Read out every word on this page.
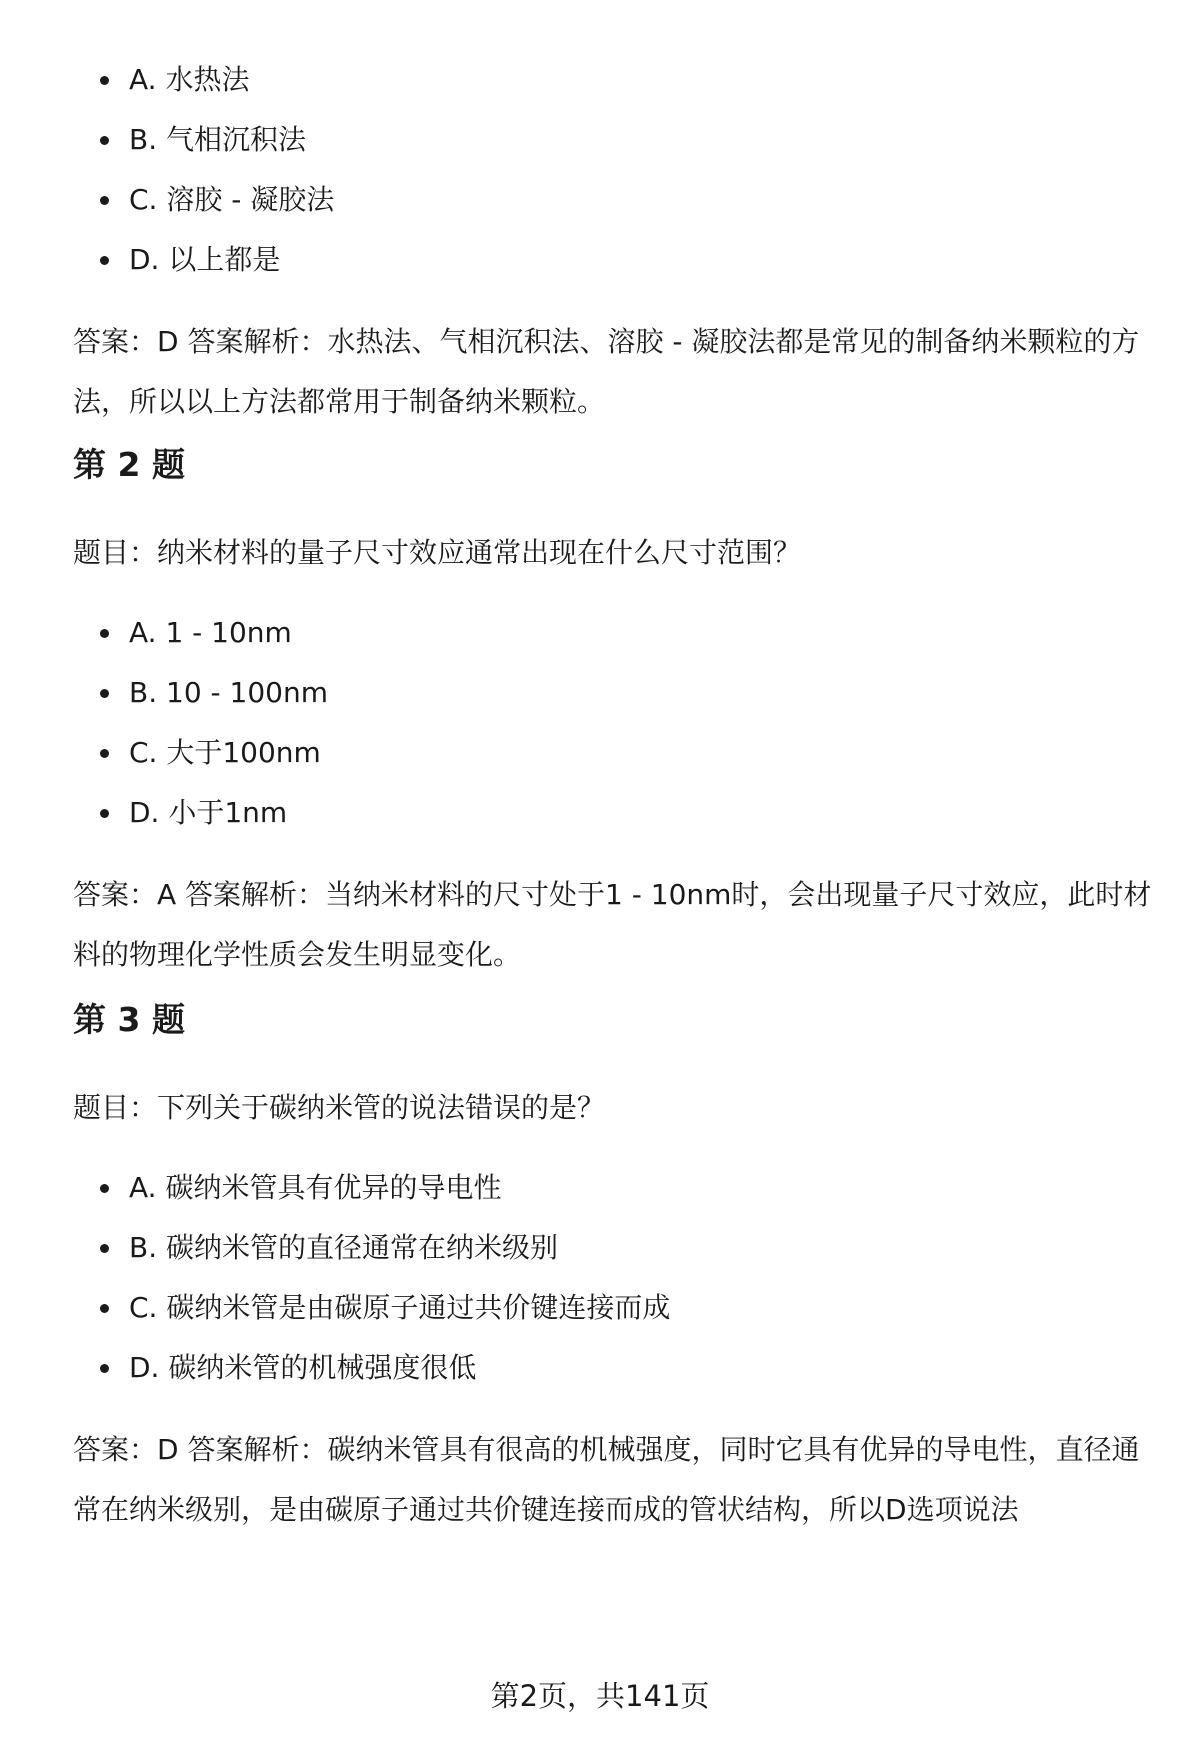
A. 水热法
B. 气相沉积法
C. 溶胶 - 凝胶法
D. 以上都是

答案：D 答案解析：水热法、气相沉积法、溶胶 - 凝胶法都是常见的制备纳米颗粒的方法，所以以上方法都常用于制备纳米颗粒。

第 2 题

题目：纳米材料的量子尺寸效应通常出现在什么尺寸范围？

A. 1 - 10nm
B. 10 - 100nm
C. 大于100nm
D. 小于1nm

答案：A 答案解析：当纳米材料的尺寸处于1 - 10nm时，会出现量子尺寸效应，此时材料的物理化学性质会发生明显变化。

第 3 题

题目：下列关于碳纳米管的说法错误的是？

A. 碳纳米管具有优异的导电性
B. 碳纳米管的直径通常在纳米级别
C. 碳纳米管是由碳原子通过共价键连接而成
D. 碳纳米管的机械强度很低

答案：D 答案解析：碳纳米管具有很高的机械强度，同时它具有优异的导电性，直径通常在纳米级别，是由碳原子通过共价键连接而成的管状结构，所以D选项说法

第2页，共141页
